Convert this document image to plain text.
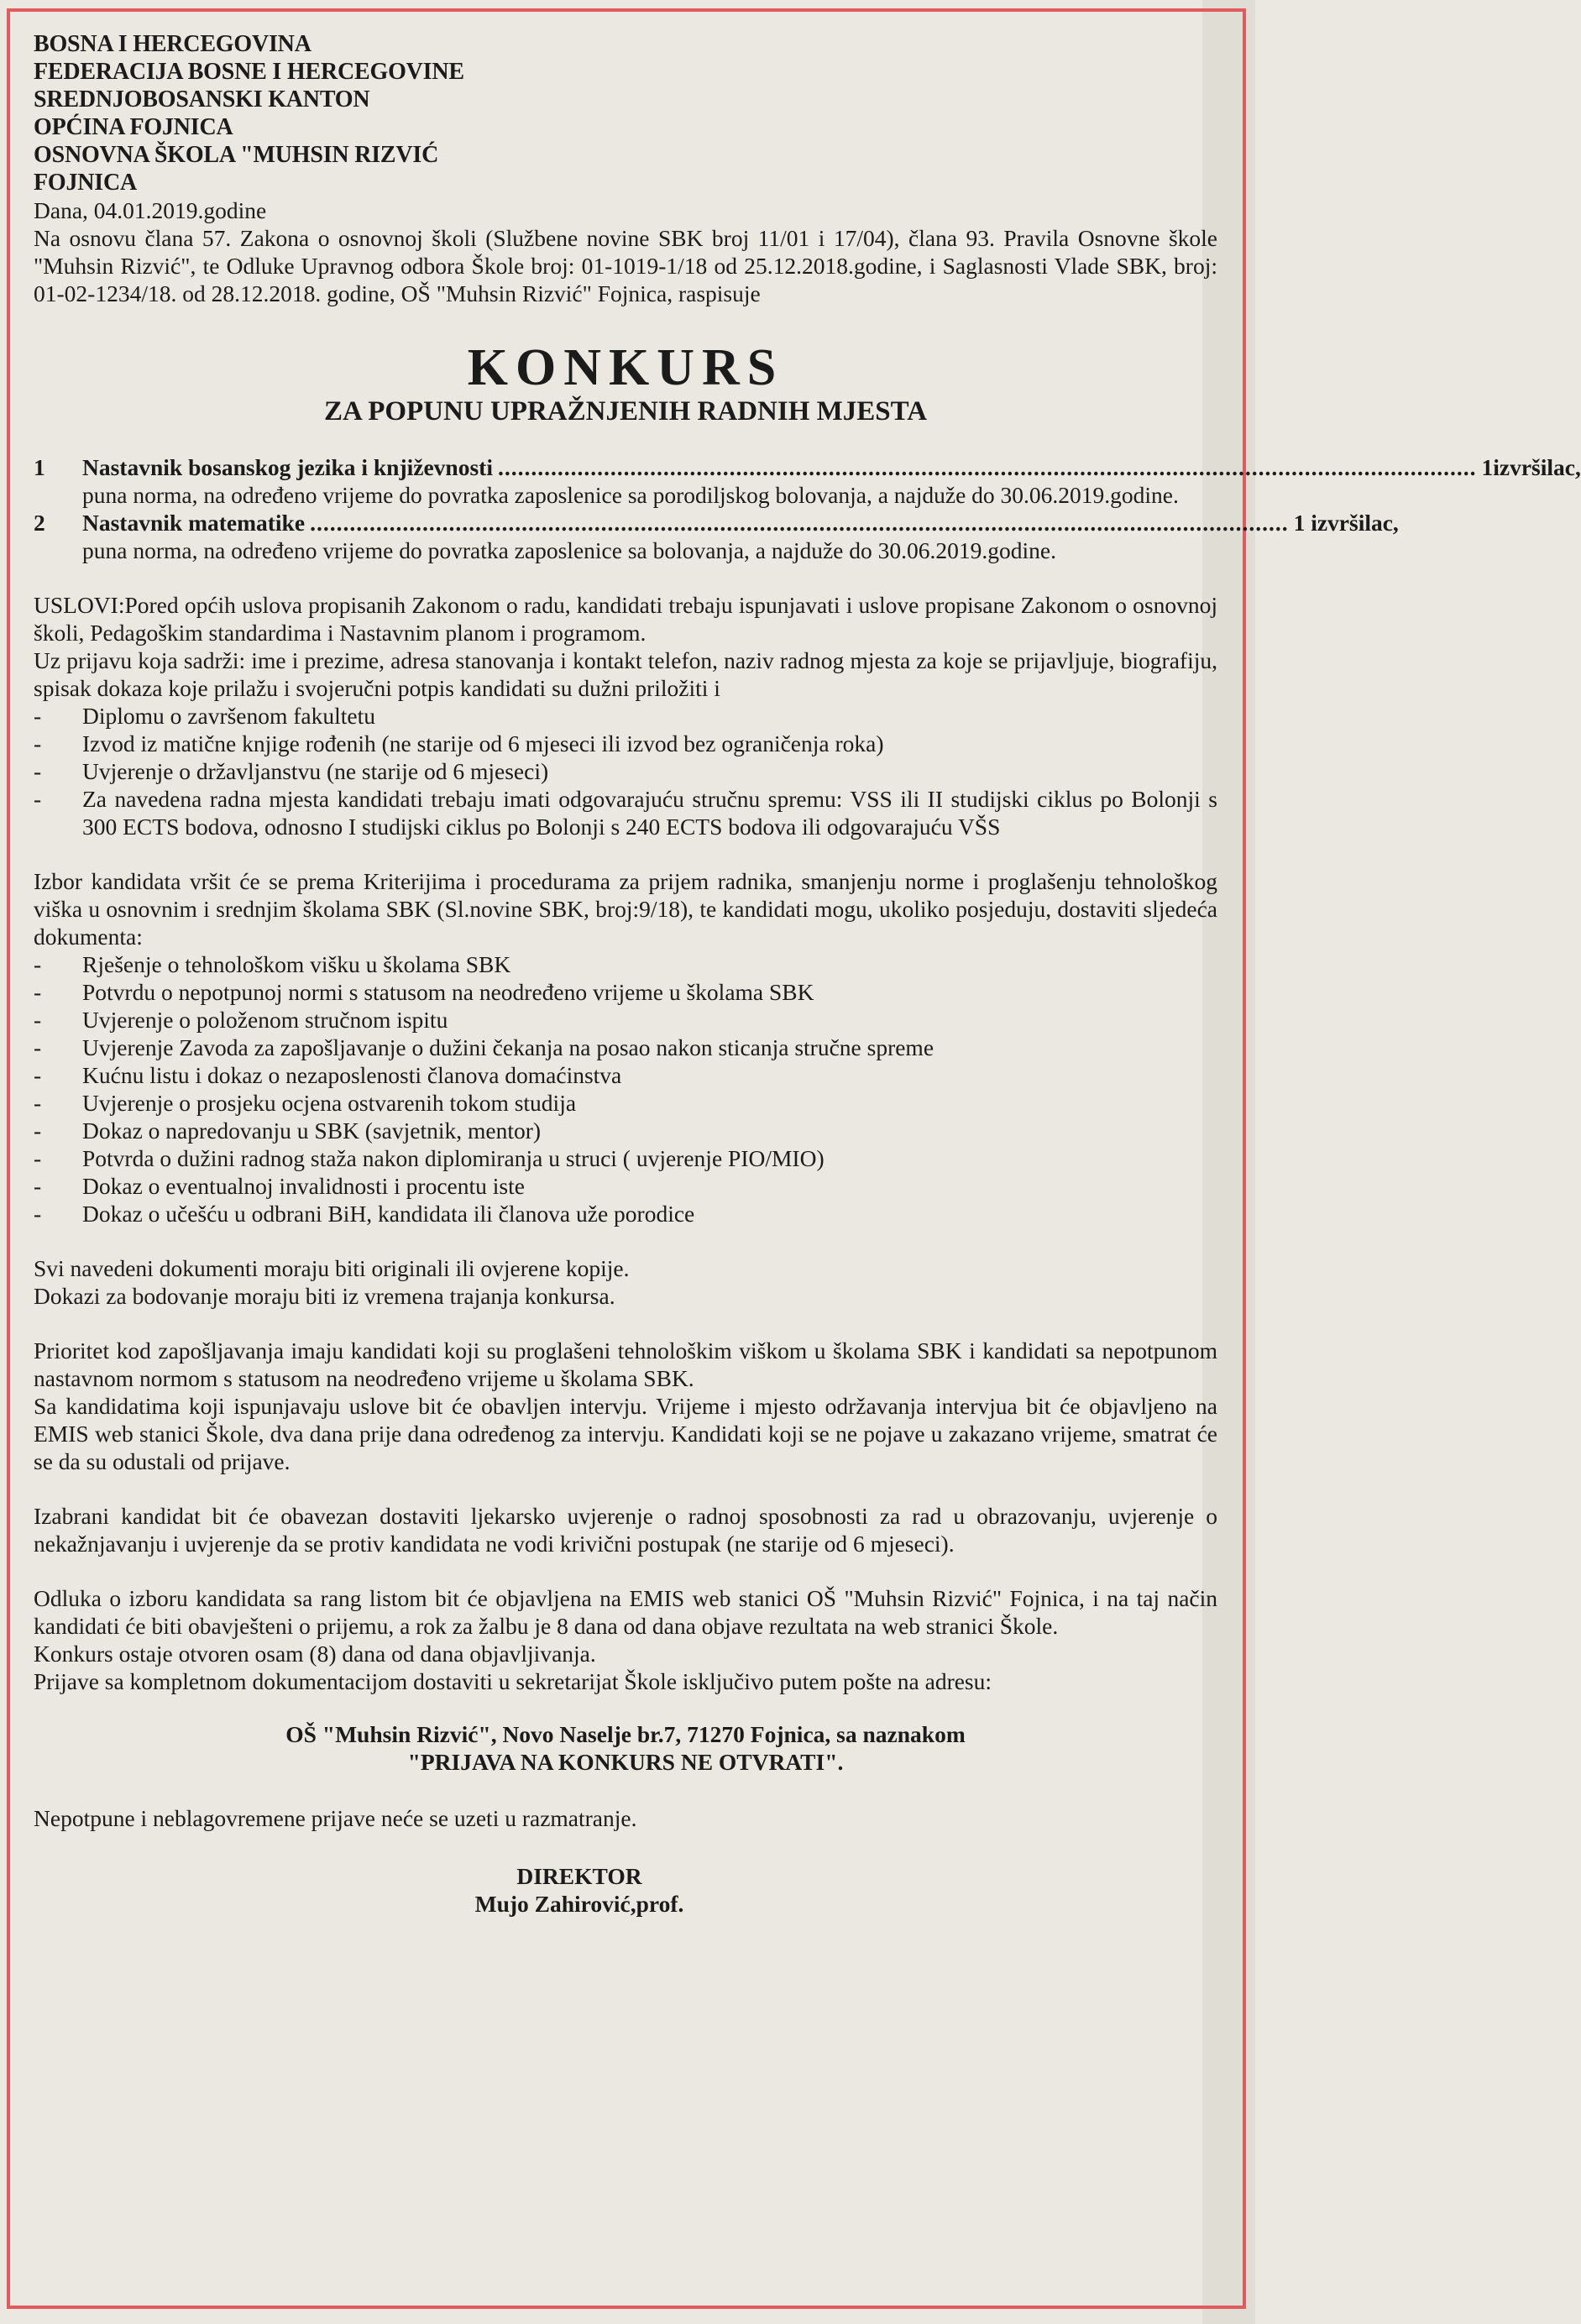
BOSNA I HERCEGOVINA

FEDERACIJA BOSNE I HERCEGOVINE

SREDNJOBOSANSKI KANTON

OPĆINA FOJNICA

OSNOVNA ŠKOLA "MUHSIN RIZVIĆ

FOJNICA

Dana, 04.01.2019.godine

Na osnovu člana 57. Zakona o osnovnoj školi (Službene novine SBK broj 11/01 i 17/04), člana 93. Pravila Osnovne škole "Muhsin Rizvić", te Odluke Upravnog odbora Škole broj: 01-1019-1/18 od 25.12.2018.godine, i Saglasnosti Vlade SBK, broj: 01-02-1234/18. od 28.12.2018. godine, OŠ "Muhsin Rizvić" Fojnica, raspisuje

KONKURS
ZA POPUNU UPRAŽNJENIH RADNIH MJESTA
1	Nastavnik bosanskog jezika i književnosti .....	1izvršilac,
puna norma, na određeno vrijeme do povratka zaposlenice sa porodiljskog bolovanja, a najduže do 30.06.2019.godine.
2	Nastavnik matematike .....	1 izvršilac,
puna norma, na određeno vrijeme do povratka zaposlenice sa bolovanja, a najduže do 30.06.2019.godine.

USLOVI:Pored općih uslova propisanih Zakonom o radu, kandidati trebaju ispunjavati i uslove propisane Zakonom o osnovnoj školi, Pedagoškim standardima i Nastavnim planom i programom.

Uz prijavu koja sadrži: ime i prezime, adresa stanovanja i kontakt telefon, naziv radnog mjesta za koje se prijavljuje, biografiju, spisak dokaza koje prilažu i svojeručni potpis kandidati su dužni priložiti i

-	Diplomu o završenom fakultetu
-	Izvod iz matične knjige rođenih (ne starije od 6 mjeseci ili izvod bez ograničenja roka)
-	Uvjerenje o državljanstvu (ne starije od 6 mjeseci)
-	Za navedena radna mjesta kandidati trebaju imati odgovarajuću stručnu spremu: VSS ili II studijski ciklus po Bolonji s 300 ECTS bodova, odnosno I studijski ciklus po Bolonji s 240 ECTS bodova ili odgovarajuću VŠS

Izbor kandidata vršit će se prema Kriterijima i procedurama za prijem radnika, smanjenju norme i proglašenju tehnološkog viška u osnovnim i srednjim školama SBK (Sl.novine SBK, broj:9/18), te kandidati mogu, ukoliko posjeduju, dostaviti sljedeća dokumenta:

-	Rješenje o tehnološkom višku u školama SBK
-	Potvrdu o nepotpunoj normi s statusom na neodređeno vrijeme u školama SBK
-	Uvjerenje o položenom stručnom ispitu
-	Uvjerenje Zavoda za zapošljavanje o dužini čekanja na posao nakon sticanja stručne spreme
-	Kućnu listu i dokaz o nezaposlenosti članova domaćinstva
-	Uvjerenje o prosjeku ocjena ostvarenih tokom studija
-	Dokaz o napredovanju u SBK (savjetnik, mentor)
-	Potvrda o dužini radnog staža nakon diplomiranja u struci ( uvjerenje PIO/MIO)
-	Dokaz o eventualnoj invalidnosti i procentu iste
-	Dokaz o učešću u odbrani BiH, kandidata ili članova uže porodice

Svi navedeni dokumenti moraju biti originali ili ovjerene kopije.

Dokazi za bodovanje moraju biti iz vremena trajanja konkursa.

Prioritet kod zapošljavanja imaju kandidati koji su proglašeni tehnološkim viškom u školama SBK i kandidati sa nepotpunom nastavnom normom s statusom na neodređeno vrijeme u školama SBK.

Sa kandidatima koji ispunjavaju uslove bit će obavljen intervju. Vrijeme i mjesto održavanja intervjua bit će objavljeno na EMIS web stanici Škole, dva dana prije dana određenog za intervju. Kandidati koji se ne pojave u zakazano vrijeme, smatrat će se da su odustali od prijave.

Izabrani kandidat bit će obavezan dostaviti ljekarsko uvjerenje o radnoj sposobnosti za rad u obrazovanju, uvjerenje o nekažnjavanju i uvjerenje da se protiv kandidata ne vodi krivični postupak (ne starije od 6 mjeseci).

Odluka o izboru kandidata sa rang listom bit će objavljena na EMIS web stanici OŠ "Muhsin Rizvić" Fojnica, i na taj način kandidati će biti obavješteni o prijemu, a rok za žalbu je 8 dana od dana objave rezultata na web stranici Škole.

Konkurs ostaje otvoren osam (8) dana od dana objavljivanja.

Prijave sa kompletnom dokumentacijom dostaviti u sekretarijat Škole isključivo putem pošte na adresu:

OŠ "Muhsin Rizvić", Novo Naselje br.7, 71270 Fojnica, sa naznakom
"PRIJAVA NA KONKURS NE OTVRATI".

Nepotpune i neblagovremene prijave neće se uzeti u razmatranje.

DIREKTOR
Mujo Zahirović,prof.
